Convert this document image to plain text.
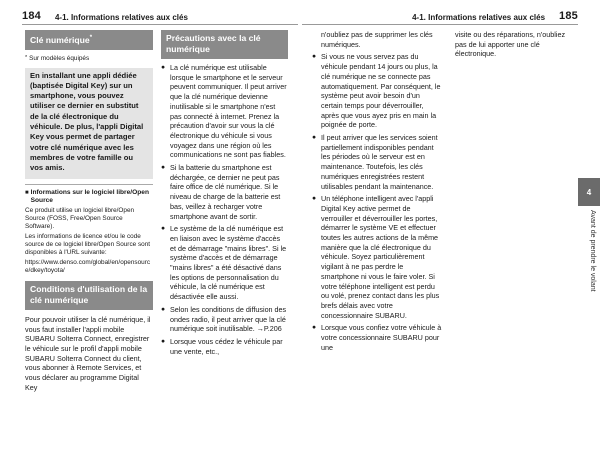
184 4-1. Informations relatives aux clés	4-1. Informations relatives aux clés 185
Clé numérique*
* Sur modèles équipés
En installant une appli dédiée (baptisée Digital Key) sur un smartphone, vous pouvez utiliser ce dernier en substitut de la clé électronique du véhicule. De plus, l'appli Digital Key vous permet de partager votre clé numérique avec les membres de votre famille ou vos amis.
■ Informations sur le logiciel libre/Open Source

Ce produit utilise un logiciel libre/Open Source (FOSS, Free/Open Source Software).

Les informations de licence et/ou le code source de ce logiciel libre/Open Source sont disponibles à l'URL suivante:

https://www.denso.com/global/en/opensource/dkey/toyota/

Conditions d'utilisation de la clé numérique

Pour pouvoir utiliser la clé numérique, il vous faut installer l'appli mobile SUBARU Solterra Connect, enregistrer le véhicule sur le profil d'appli mobile SUBARU Solterra Connect du client, vous abonner à Remote Services, et vous déclarer au programme Digital Key

Précautions avec la clé numérique
● La clé numérique est utilisable lorsque le smartphone et le serveur peuvent communiquer. Il peut arriver que la clé numérique devienne inutilisable si le smartphone n'est pas connecté à internet. Prenez la précaution d'avoir sur vous la clé électronique du véhicule si vous voyagez dans une région où les communications ne sont pas fiables.
● Si la batterie du smartphone est déchargée, ce dernier ne peut pas faire office de clé numérique. Si le niveau de charge de la batterie est bas, veillez à recharger votre smartphone avant de sortir.
● Le système de la clé numérique est en liaison avec le système d'accès et de démarrage "mains libres". Si le système d'accès et de démarrage "mains libres" a été désactivé dans les options de personnalisation du véhicule, la clé numérique est désactivée elle aussi.
● Selon les conditions de diffusion des ondes radio, il peut arriver que la clé numérique soit inutilisable. →P.206
● Lorsque vous cédez le véhicule par une vente, etc.,

n'oubliez pas de supprimer les clés numériques.

● Si vous ne vous servez pas du véhicule pendant 14 jours ou plus, la clé numérique ne se connecte pas automatiquement. Par conséquent, le système peut avoir besoin d'un certain temps pour déverrouiller, après que vous ayez pris en main la poignée de porte.
● Il peut arriver que les services soient partiellement indisponibles pendant les périodes où le serveur est en maintenance. Toutefois, les clés numériques enregistrées restent utilisables pendant la maintenance.
● Un téléphone intelligent avec l'appli Digital Key active permet de verrouiller et déverrouiller les portes, démarrer le système VE et effectuer toutes les autres actions de la même manière que la clé électronique du véhicule. Soyez particulièrement vigilant à ne pas perdre le smartphone ni vous le faire voler. Si votre téléphone intelligent est perdu ou volé, prenez contact dans les plus brefs délais avec votre concessionnaire SUBARU.
● Lorsque vous confiez votre véhicule à votre concessionnaire SUBARU pour une

visite ou des réparations, n'oubliez pas de lui apporter une clé électronique.

4
Avant de prendre le volant
